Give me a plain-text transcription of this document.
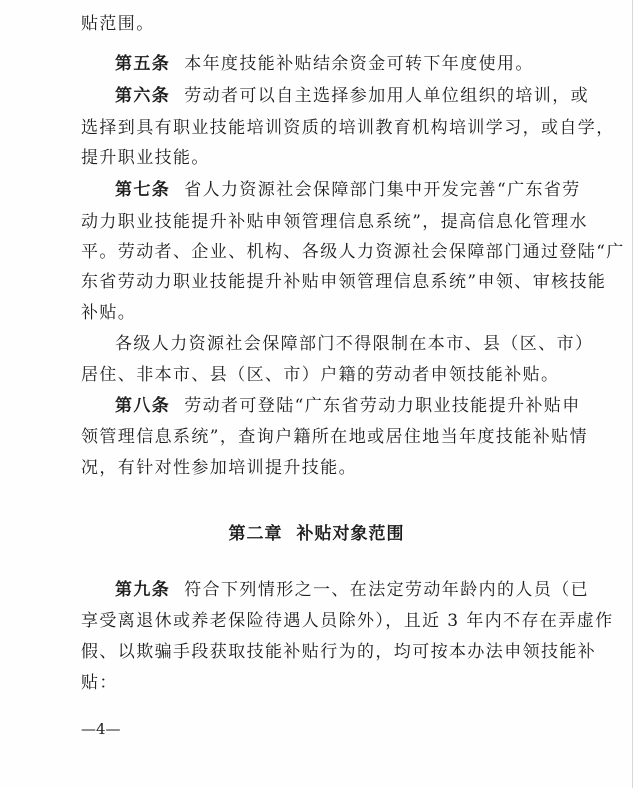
贴范围。
第五条 本年度技能补贴结余资金可转下年度使用。
第六条 劳动者可以自主选择参加用人单位组织的培训，或
选择到具有职业技能培训资质的培训教育机构培训学习，或自学，
提升职业技能。
第七条 省人力资源社会保障部门集中开发完善“广东省劳
动力职业技能提升补贴申领管理信息系统”，提高信息化管理水
平。劳动者、企业、机构、各级人力资源社会保障部门通过登陆“广
东省劳动力职业技能提升补贴申领管理信息系统”申领、审核技能
补贴。
各级人力资源社会保障部门不得限制在本市、县（区、市）
居住、非本市、县（区、市）户籍的劳动者申领技能补贴。
第八条 劳动者可登陆“广东省劳动力职业技能提升补贴申
领管理信息系统”，查询户籍所在地或居住地当年度技能补贴情
况，有针对性参加培训提升技能。
第二章 补贴对象范围
第九条 符合下列情形之一、在法定劳动年龄内的人员（已
享受离退休或养老保险待遇人员除外），且近 3 年内不存在弄虚作
假、以欺骗手段获取技能补贴行为的，均可按本办法申领技能补
贴：
—4—
